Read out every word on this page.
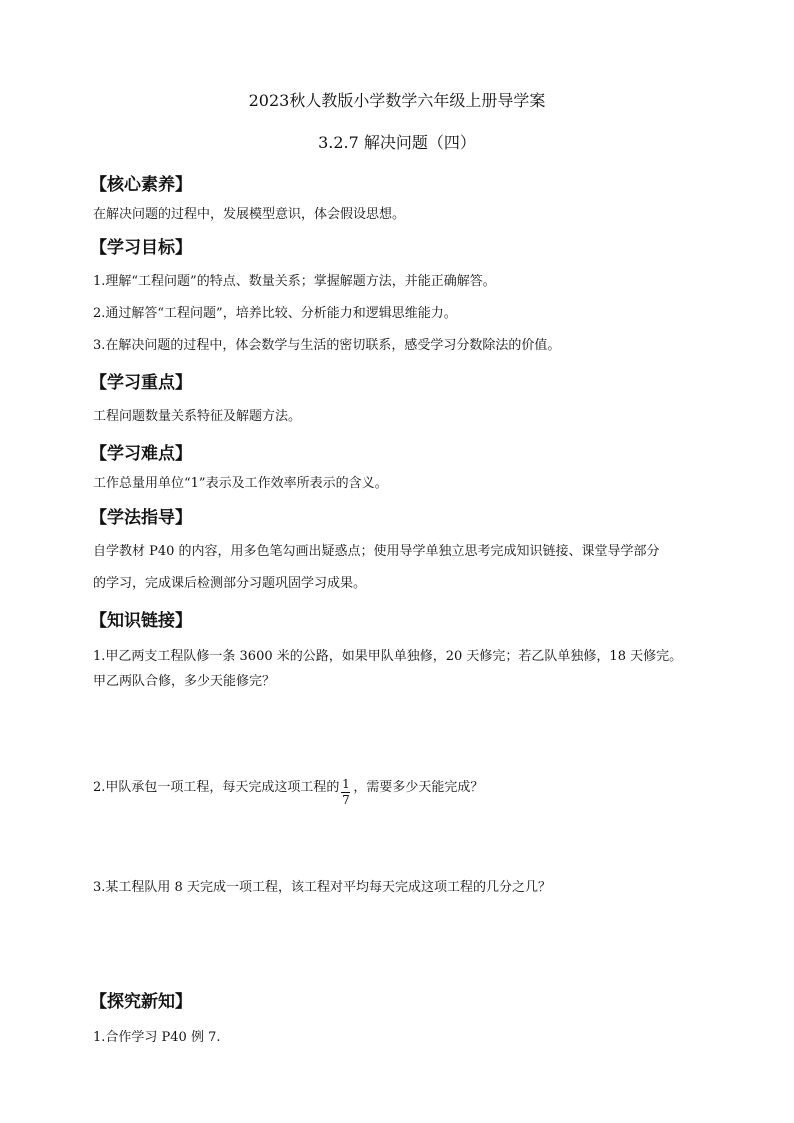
2023秋人教版小学数学六年级上册导学案
3.2.7 解决问题（四）
【核心素养】
在解决问题的过程中，发展模型意识，体会假设思想。
【学习目标】
1.理解“工程问题”的特点、数量关系；掌握解题方法，并能正确解答。
2.通过解答“工程问题”，培养比较、分析能力和逻辑思维能力。
3.在解决问题的过程中，体会数学与生活的密切联系，感受学习分数除法的价值。
【学习重点】
工程问题数量关系特征及解题方法。
【学习难点】
工作总量用单位“1”表示及工作效率所表示的含义。
【学法指导】
自学教材 P40 的内容，用多色笔勾画出疑惑点；使用导学单独立思考完成知识链接、课堂导学部分
的学习，完成课后检测部分习题巩固学习成果。
【知识链接】
1.甲乙两支工程队修一条 3600 米的公路，如果甲队单独修，20 天修完；若乙队单独修，18 天修完。
甲乙两队合修，多少天能修完？
2.甲队承包一项工程，每天完成这项工程的 1
7
，需要多少天能完成？
3.某工程队用 8 天完成一项工程，该工程对平均每天完成这项工程的几分之几？
【探究新知】
1.合作学习 P40 例 7.
